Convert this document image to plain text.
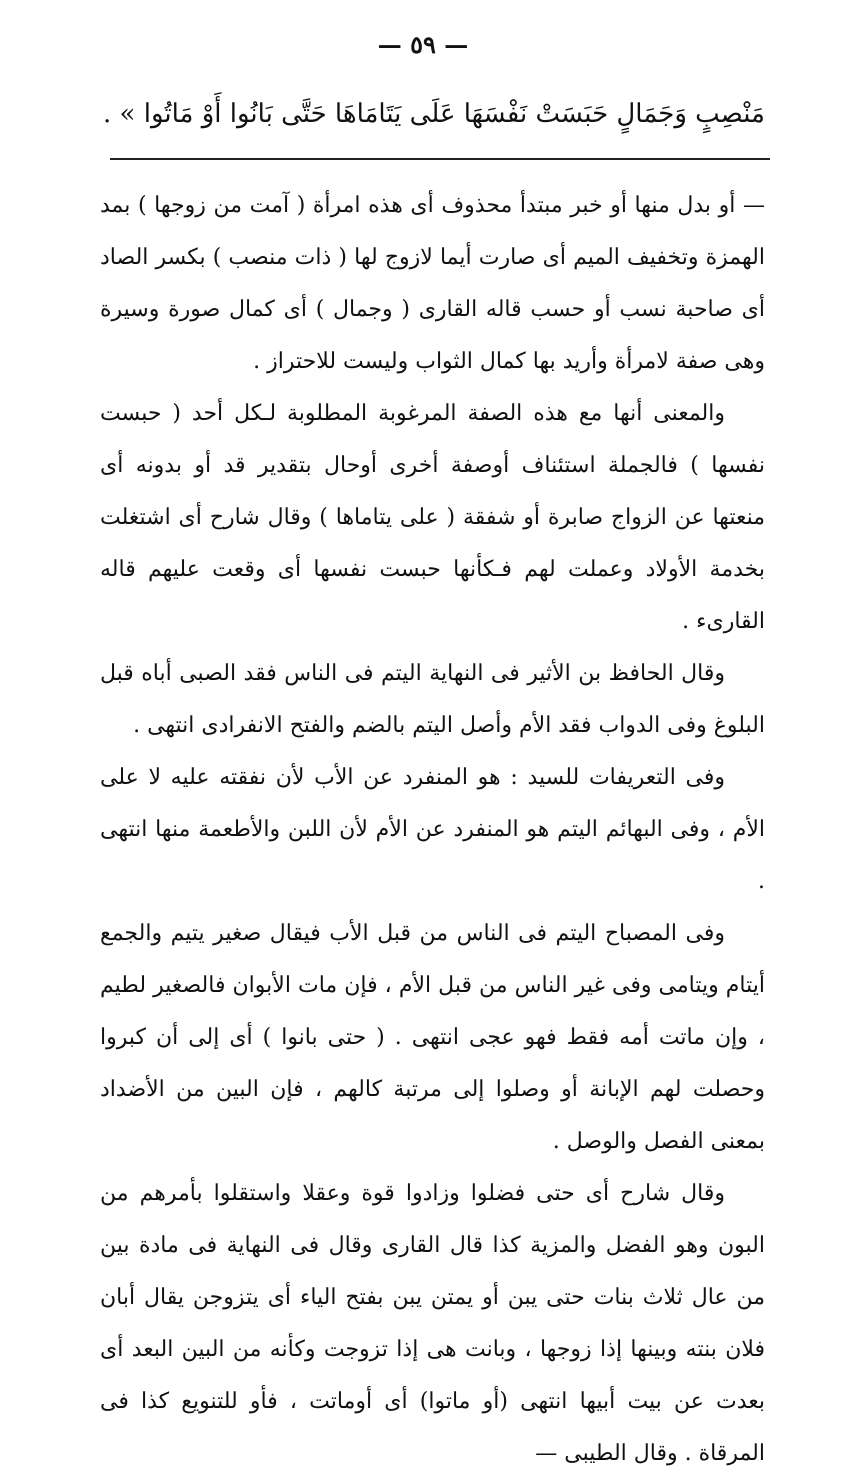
— ٥٩ —
مَنْصِبٍ وَجَمَالٍ حَبَسَتْ نَفْسَهَا عَلَى يَتَامَاهَا حَتَّى بَانُوا أَوْ مَاتُوا » .

— أو بدل منها أو خبر مبتدأ محذوف أى هذه امرأة ( آمت من زوجها ) بمد الهمزة وتخفيف الميم أى صارت أيما لازوج لها ( ذات منصب ) بكسر الصاد أى صاحبة نسب أو حسب قاله القارى ( وجمال ) أى كمال صورة وسيرة وهى صفة لامرأة وأريد بها كمال الثواب وليست للاحتراز .

والمعنى أنها مع هذه الصفة المرغوبة المطلوبة لـكل أحد ( حبست نفسها ) فالجملة استئناف أوصفة أخرى أوحال بتقدير قد أو بدونه أى منعتها عن الزواج صابرة أو شفقة ( على يتاماها ) وقال شارح أى اشتغلت بخدمة الأولاد وعملت لهم فـكأنها حبست نفسها أى وقعت عليهم قاله القارىء .

وقال الحافظ بن الأثير فى النهاية اليتم فى الناس فقد الصبى أباه قبل البلوغ وفى الدواب فقد الأم وأصل اليتم بالضم والفتح الانفرادى انتهى .

وفى التعريفات للسيد : هو المنفرد عن الأب لأن نفقته عليه لا على الأم ، وفى البهائم اليتم هو المنفرد عن الأم لأن اللبن والأطعمة منها انتهى .

وفى المصباح اليتم فى الناس من قبل الأب فيقال صغير يتيم والجمع أيتام ويتامى وفى غير الناس من قبل الأم ، فإن مات الأبوان فالصغير لطيم ، وإن ماتت أمه فقط فهو عجى انتهى . ( حتى بانوا ) أى إلى أن كبروا وحصلت لهم الإبانة أو وصلوا إلى مرتبة كالهم ، فإن البين من الأضداد بمعنى الفصل والوصل .

وقال شارح أى حتى فضلوا وزادوا قوة وعقلا واستقلوا بأمرهم من البون وهو الفضل والمزية كذا قال القارى وقال فى النهاية فى مادة بين من عال ثلاث بنات حتى يبن أو يمتن يبن بفتح الياء أى يتزوجن يقال أبان فلان بنته وبينها إذا زوجها ، وبانت هى إذا تزوجت وكأنه من البين البعد أى بعدت عن بيت أبيها انتهى (أو ماتوا) أى أوماتت ، فأو للتنويع كذا فى المرقاة . وقال الطيبى —
